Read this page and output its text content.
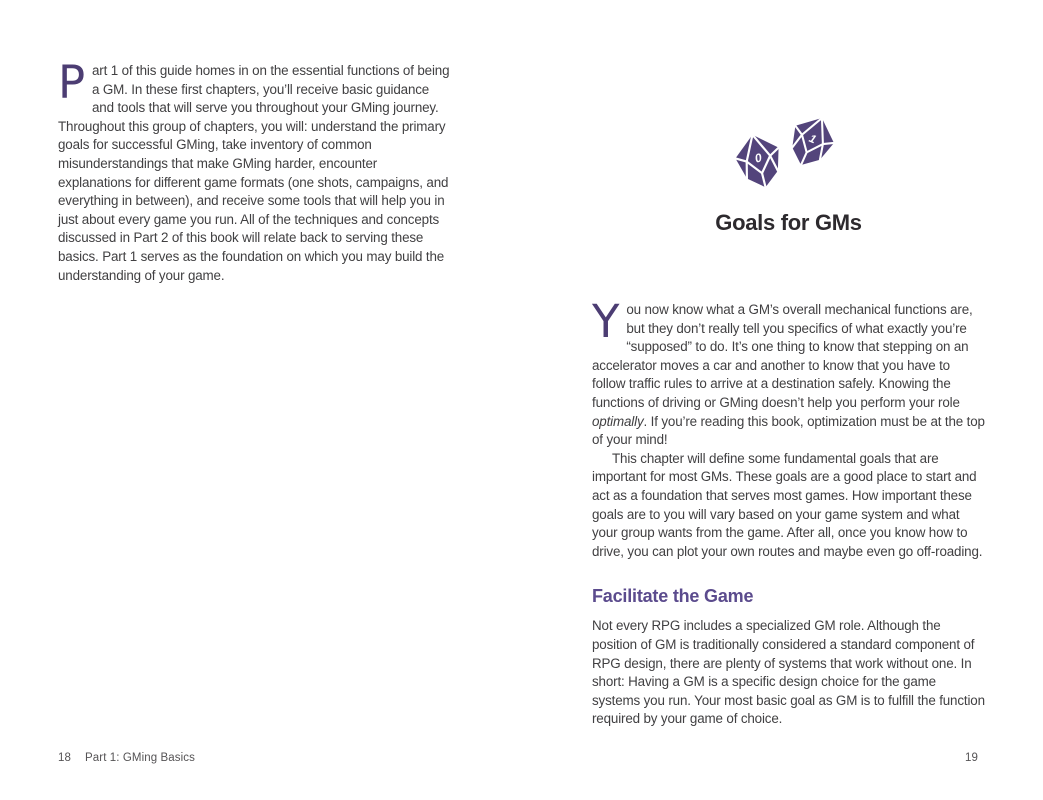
Part 1 of this guide homes in on the essential functions of being a GM. In these first chapters, you’ll receive basic guidance and tools that will serve you throughout your GMing journey. Throughout this group of chapters, you will: understand the primary goals for successful GMing, take inventory of common misunderstandings that make GMing harder, encounter explanations for different game formats (one shots, campaigns, and everything in between), and receive some tools that will help you in just about every game you run. All of the techniques and concepts discussed in Part 2 of this book will relate back to serving these basics. Part 1 serves as the foundation on which you may build the understanding of your game.

0
1
Goals for GMs

You now know what a GM’s overall mechanical functions are, but they don’t really tell you specifics of what exactly you’re “supposed” to do. It’s one thing to know that stepping on an accelerator moves a car and another to know that you have to follow traffic rules to arrive at a destination safely. Knowing the functions of driving or GMing doesn’t help you perform your role optimally. If you’re reading this book, optimization must be at the top of your mind!

This chapter will define some fundamental goals that are important for most GMs. These goals are a good place to start and act as a foundation that serves most games. How important these goals are to you will vary based on your game system and what your group wants from the game. After all, once you know how to drive, you can plot your own routes and maybe even go off-roading.

Facilitate the Game

Not every RPG includes a specialized GM role. Although the position of GM is traditionally considered a standard component of RPG design, there are plenty of systems that work without one. In short: Having a GM is a specific design choice for the game systems you run. Your most basic goal as GM is to fulfill the function required by your game of choice.

18 Part 1: GMing Basics	19
